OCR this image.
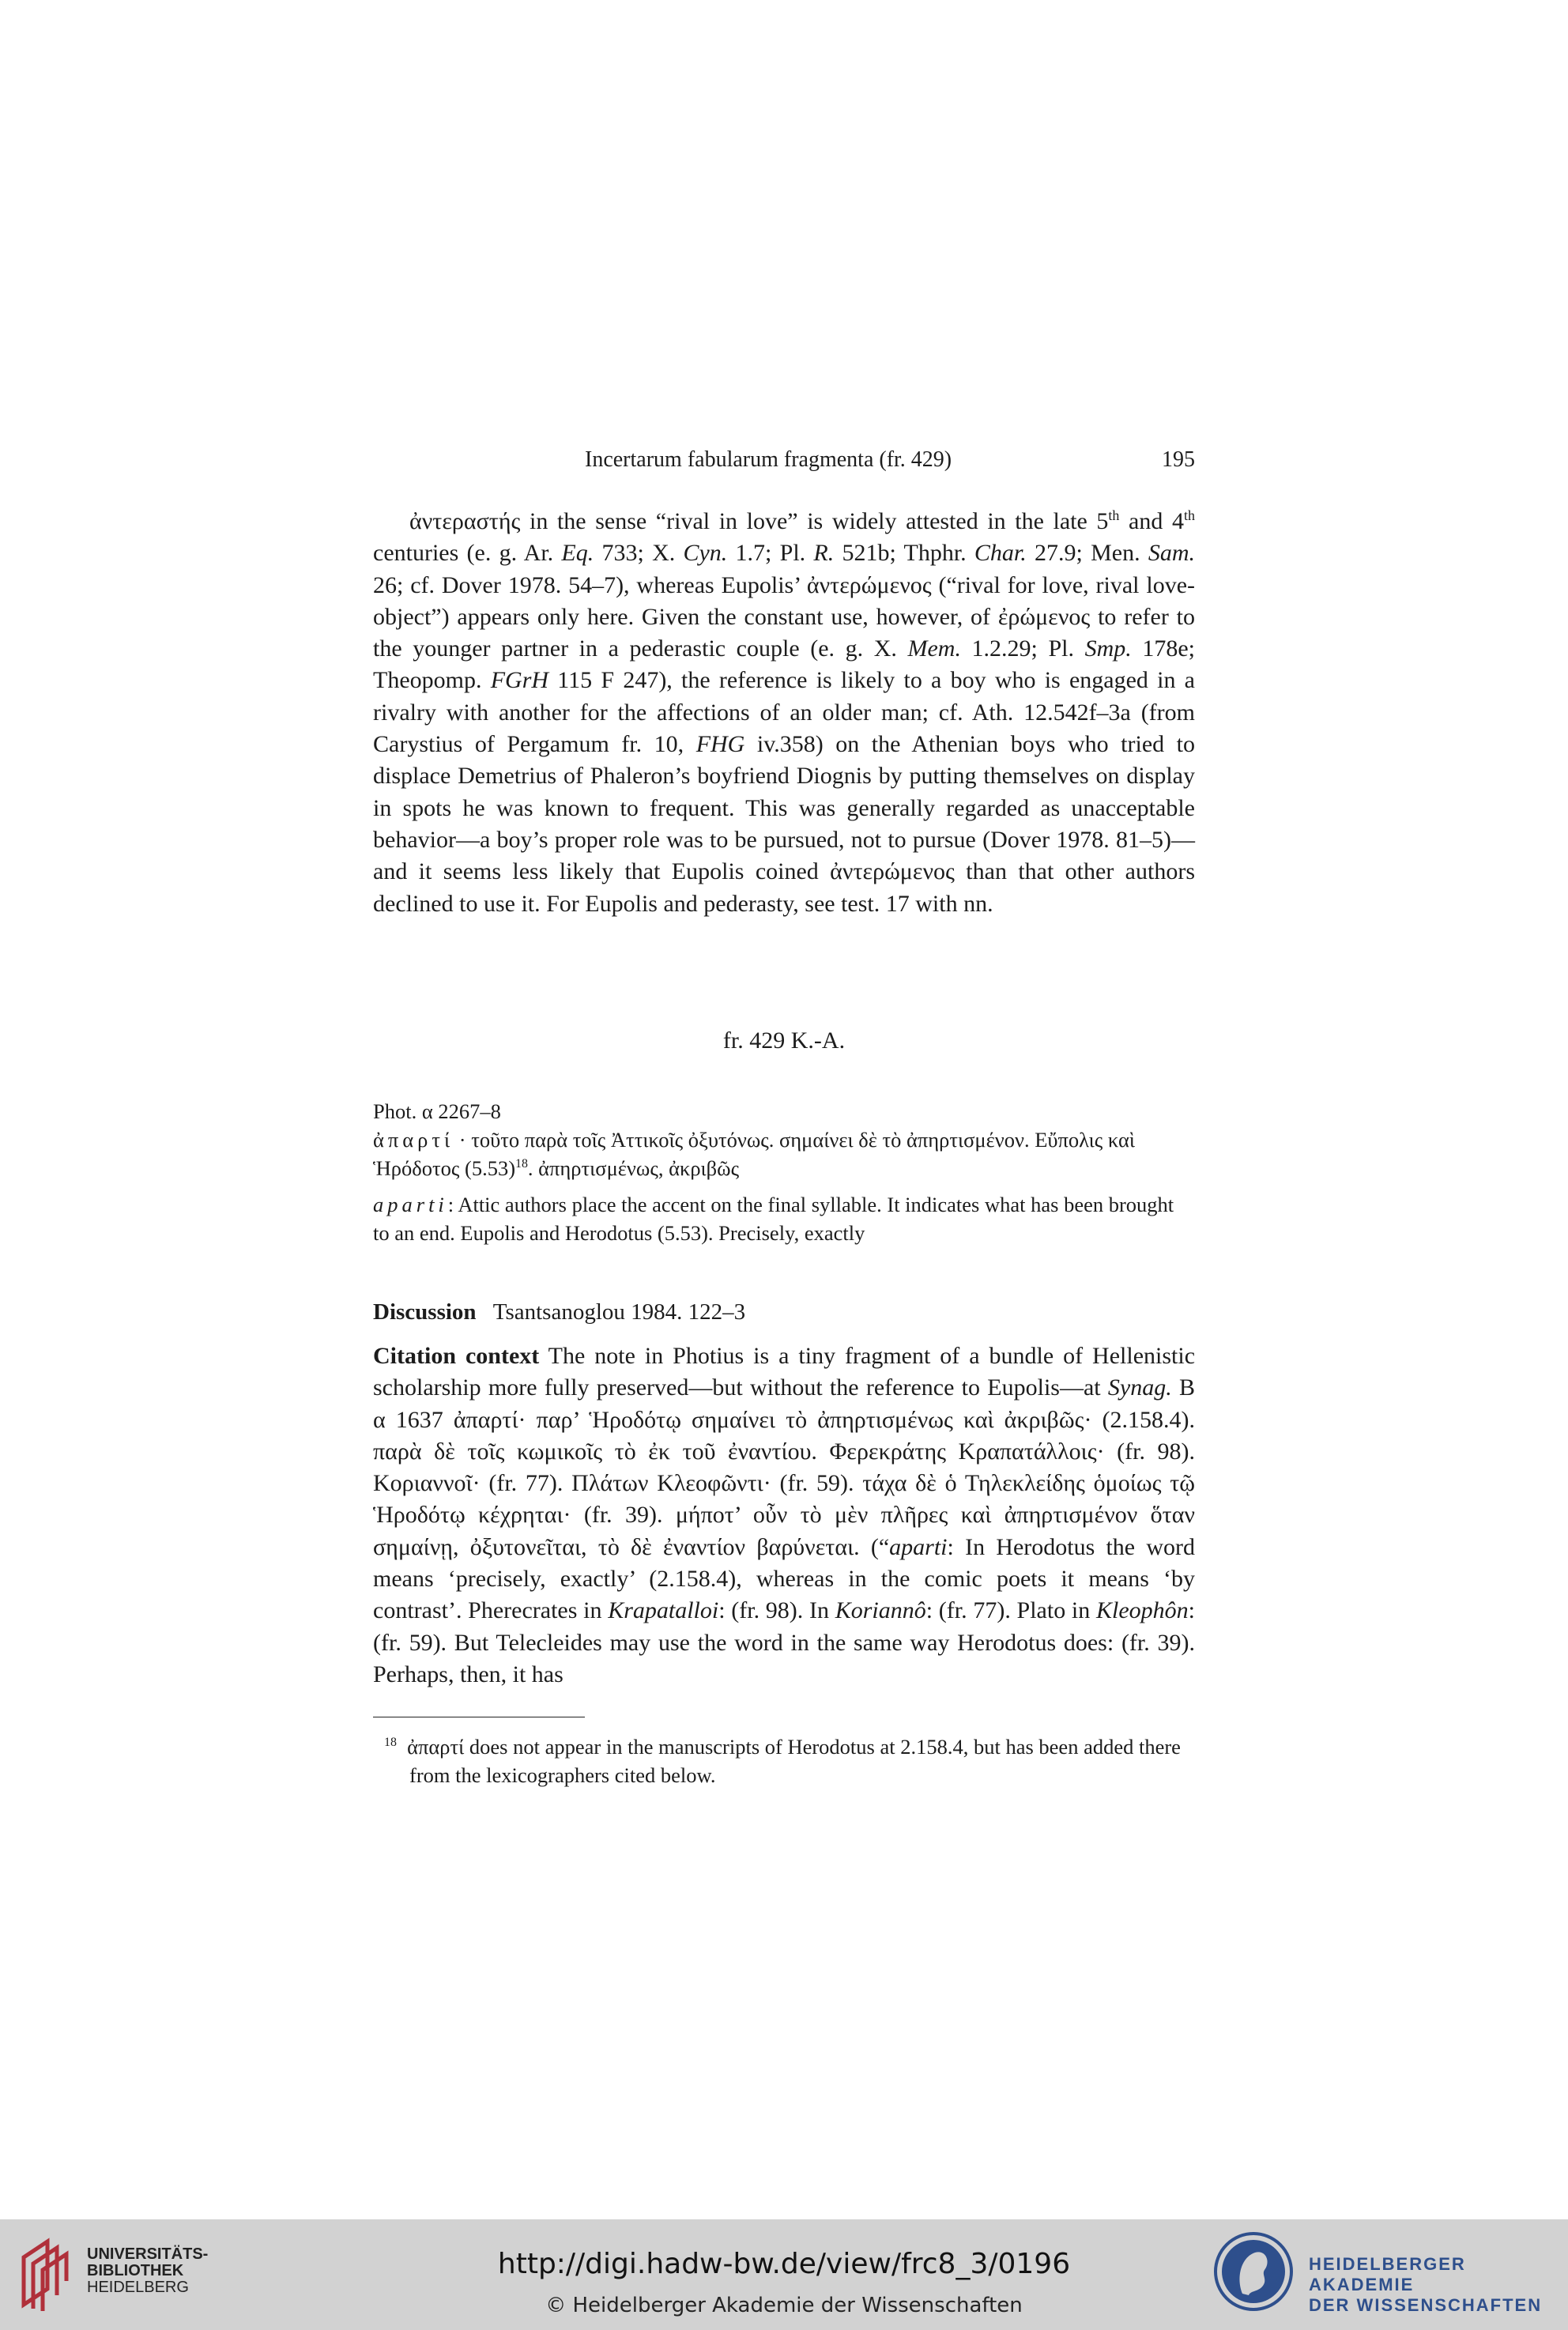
Incertarum fabularum fragmenta (fr. 429)	195

ἀντεραστής in the sense “rival in love” is widely attested in the late 5th and 4th centuries (e. g. Ar. Eq. 733; X. Cyn. 1.7; Pl. R. 521b; Thphr. Char. 27.9; Men. Sam. 26; cf. Dover 1978. 54–7), whereas Eupolis’ ἀντερώμενος (“rival for love, rival love-object”) appears only here. Given the constant use, however, of ἐρώμενος to refer to the younger partner in a pederastic couple (e. g. X. Mem. 1.2.29; Pl. Smp. 178e; Theopomp. FGrH 115 F 247), the reference is likely to a boy who is engaged in a rivalry with another for the affections of an older man; cf. Ath. 12.542f–3a (from Carystius of Pergamum fr. 10, FHG iv.358) on the Athenian boys who tried to displace Demetrius of Phaleron’s boyfriend Diognis by putting themselves on display in spots he was known to frequent. This was generally regarded as unacceptable behavior—a boy’s proper role was to be pursued, not to pursue (Dover 1978. 81–5)—and it seems less likely that Eupolis coined ἀντερώμενος than that other authors declined to use it. For Eupolis and pederasty, see test. 17 with nn.

fr. 429 K.-A.

Phot. α 2267–8

ἀπαρτί · τοῦτο παρὰ τοῖς Ἀττικοῖς ὀξυτόνως. σημαίνει δὲ τὸ ἀπηρτισμένον. Εὔπολις καὶ Ἡρόδοτος $(5.53)^{18}$. ἀπηρτισμένως, ἀκριβῶς

aparti: Attic authors place the accent on the final syllable. It indicates what has been brought to an end. Eupolis and Herodotus (5.53). Precisely, exactly

Discussion Tsantsanoglou 1984. 122–3

Citation context The note in Photius is a tiny fragment of a bundle of Hellenistic scholarship more fully preserved—but without the reference to Eupolis—at Synag. B α 1637 ἀπαρτί· παρ’ Ἡροδότῳ σημαίνει τὸ ἀπηρτισμένως καὶ ἀκριβῶς· (2.158.4). παρὰ δὲ τοῖς κωμικοῖς τὸ ἐκ τοῦ ἐναντίου. Φερεκράτης Κραπατάλλοις· (fr. 98). Κοριαννοῖ· (fr. 77). Πλάτων Κλεοφῶντι· (fr. 59). τάχα δὲ ὁ Τηλεκλείδης ὁμοίως τῷ Ἡροδότῳ κέχρηται· (fr. 39). μήποτ’ οὖν τὸ μὲν πλῆρες καὶ ἀπηρτισμένον ὅταν σημαίνῃ, ὀξυτονεῖται, τὸ δὲ ἐναντίον βαρύνεται. (“aparti: In Herodotus the word means ‘precisely, exactly’ (2.158.4), whereas in the comic poets it means ‘by contrast’. Pherecrates in Krapatalloi: (fr. 98). In Koriannô: (fr. 77). Plato in Kleophôn: (fr. 59). But Telecleides may use the word in the same way Herodotus does: (fr. 39). Perhaps, then, it has

$^{18}$ ἀπαρτί does not appear in the manuscripts of Herodotus at 2.158.4, but has been added there from the lexicographers cited below.

UNIVERSITÄTS-
BIBLIOTHEK
HEIDELBERG
http://digi.hadw-bw.de/view/frc8_3/0196
© Heidelberger Akademie der Wissenschaften
HEIDELBERGER AKADEMIE
DER WISSENSCHAFTEN
